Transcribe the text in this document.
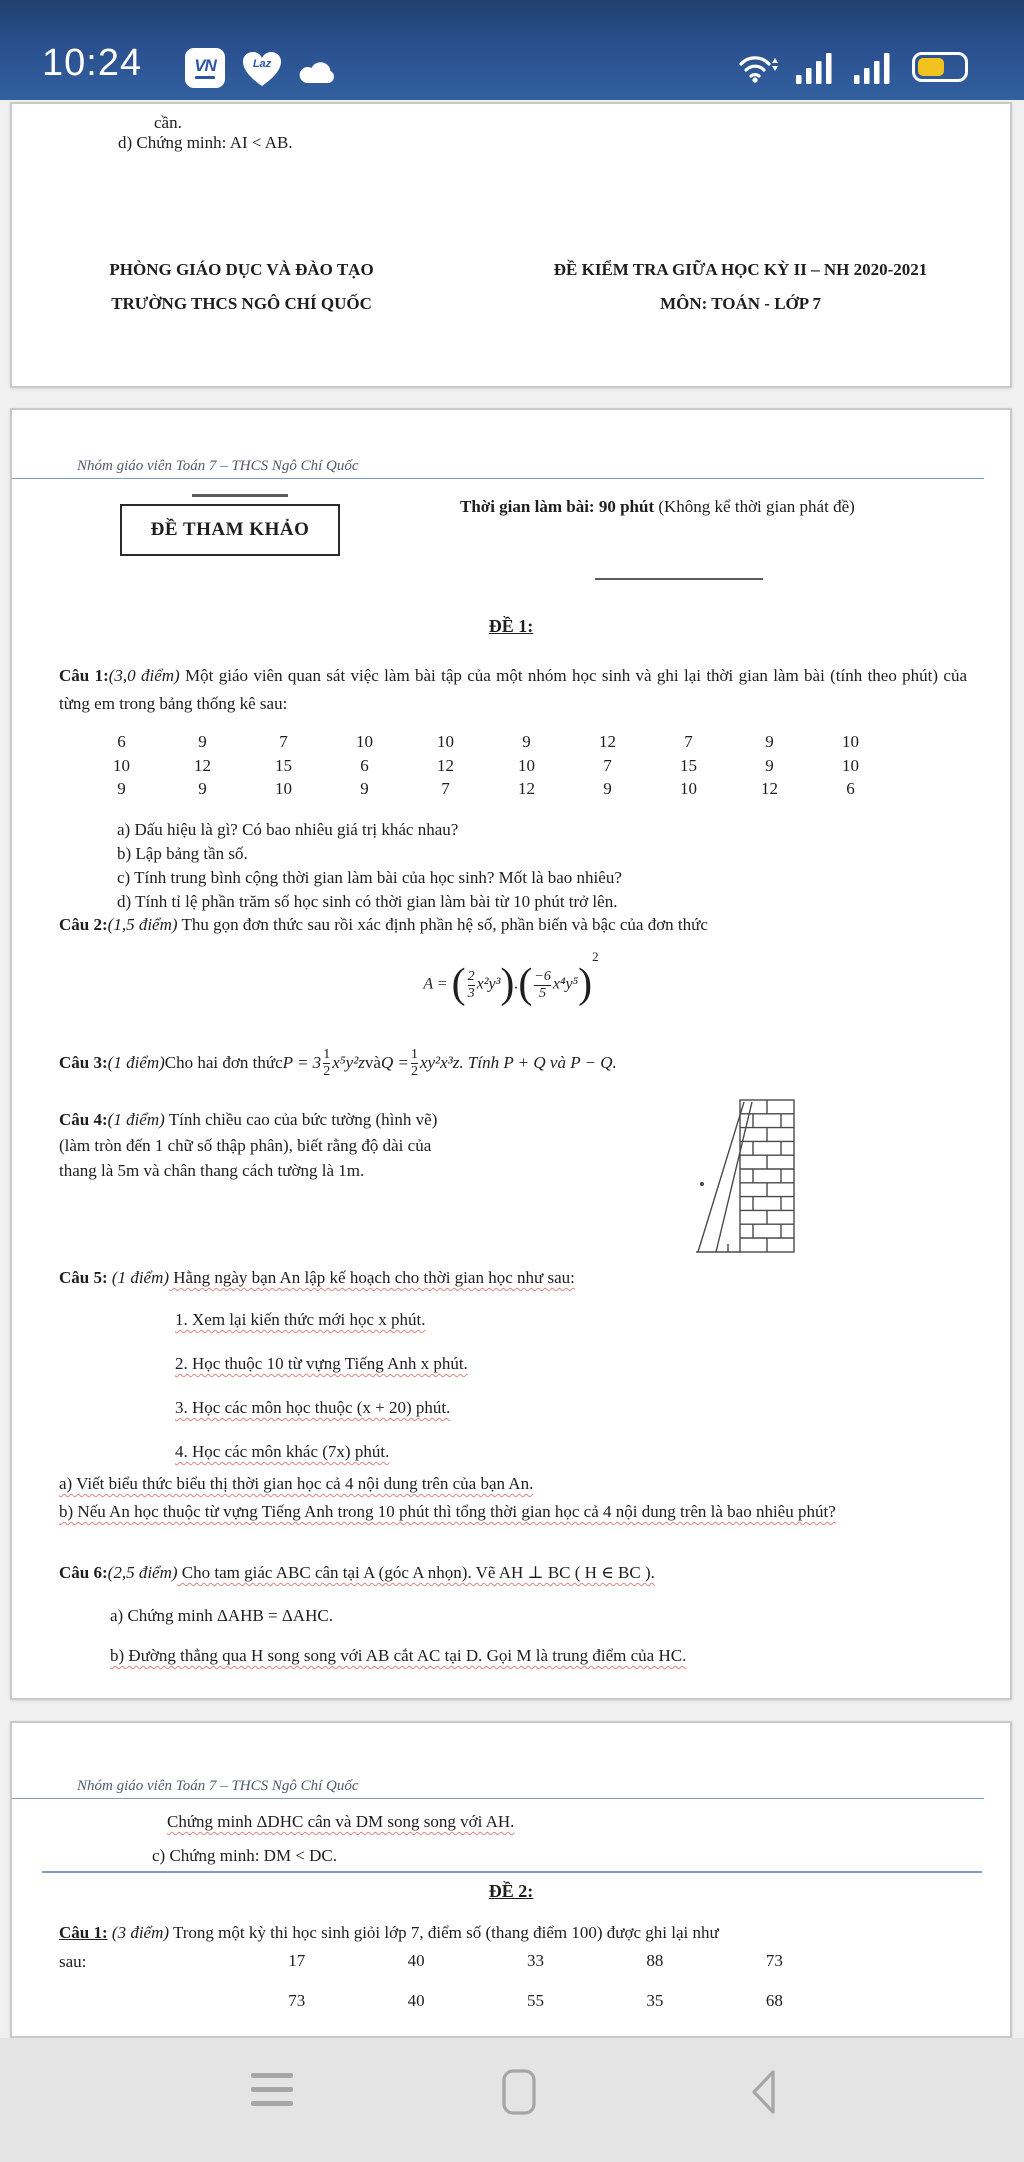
10:24	VN	Laz
cần.
d) Chứng minh: AI < AB.
PHÒNG GIÁO DỤC VÀ ĐÀO TẠO
TRƯỜNG THCS NGÔ CHÍ QUỐC
ĐỀ KIỂM TRA GIỮA HỌC KỲ II – NH 2020-2021
MÔN: TOÁN - LỚP 7
Nhóm giáo viên Toán 7 – THCS Ngô Chí Quốc
Thời gian làm bài: 90 phút (Không kể thời gian phát đề)
ĐỀ THAM KHẢO
ĐỀ 1:
Câu 1:(3,0 điểm) Một giáo viên quan sát việc làm bài tập của một nhóm học sinh và ghi lại thời gian làm bài (tính theo phút) của từng em trong bảng thống kê sau:
6	9	7	10	10	9	12	7	9	10
10	12	15	6	12	10	7	15	9	10
9	9	10	9	7	12	9	10	12	6
a) Dấu hiệu là gì? Có bao nhiêu giá trị khác nhau?
b) Lập bảng tần số.
c) Tính trung bình cộng thời gian làm bài của học sinh? Mốt là bao nhiêu?
d) Tính tỉ lệ phần trăm số học sinh có thời gian làm bài từ 10 phút trở lên.
Câu 2:(1,5 điểm) Thu gọn đơn thức sau rồi xác định phần hệ số, phần biến và bậc của đơn thức
A = ( $\frac{2}{3} x^2y^3).( \frac{-6}{5} x^4y^5)^2$
Câu 3: (1 điểm) Cho hai đơn thức $P = 3 \frac{1}{2} x^5y^2z$ và $Q = \frac{1}{2} xy^2x^3z$ . Tính P + Q và P − Q.
Câu 4:(1 điểm) Tính chiều cao của bức tường (hình vẽ)
(làm tròn đến 1 chữ số thập phân), biết rằng độ dài của
thang là 5m và chân thang cách tường là 1m.
Câu 5: (1 điểm) Hằng ngày bạn An lập kế hoạch cho thời gian học như sau:
1. Xem lại kiến thức mới học x phút.
2. Học thuộc 10 từ vựng Tiếng Anh x phút.
3. Học các môn học thuộc (x + 20) phút.
4. Học các môn khác (7x) phút.
a) Viết biểu thức biểu thị thời gian học cả 4 nội dung trên của bạn An.
b) Nếu An học thuộc từ vựng Tiếng Anh trong 10 phút thì tổng thời gian học cả 4 nội dung trên là bao nhiêu phút?
Câu 6:(2,5 điểm) Cho tam giác ABC cân tại A (góc A nhọn). Vẽ AH ⊥ BC ( H ∈ BC ).
a) Chứng minh ΔAHB = ΔAHC.
b) Đường thẳng qua H song song với AB cắt AC tại D. Gọi M là trung điểm của HC.
Nhóm giáo viên Toán 7 – THCS Ngô Chí Quốc
Chứng minh ΔDHC cân và DM song song với AH.
c) Chứng minh: DM < DC.
ĐỀ 2:
Câu 1: (3 điểm) Trong một kỳ thi học sinh giỏi lớp 7, điểm số (thang điểm 100) được ghi lại như
sau:	17	40	33	88	73
73	40	55	35	68
